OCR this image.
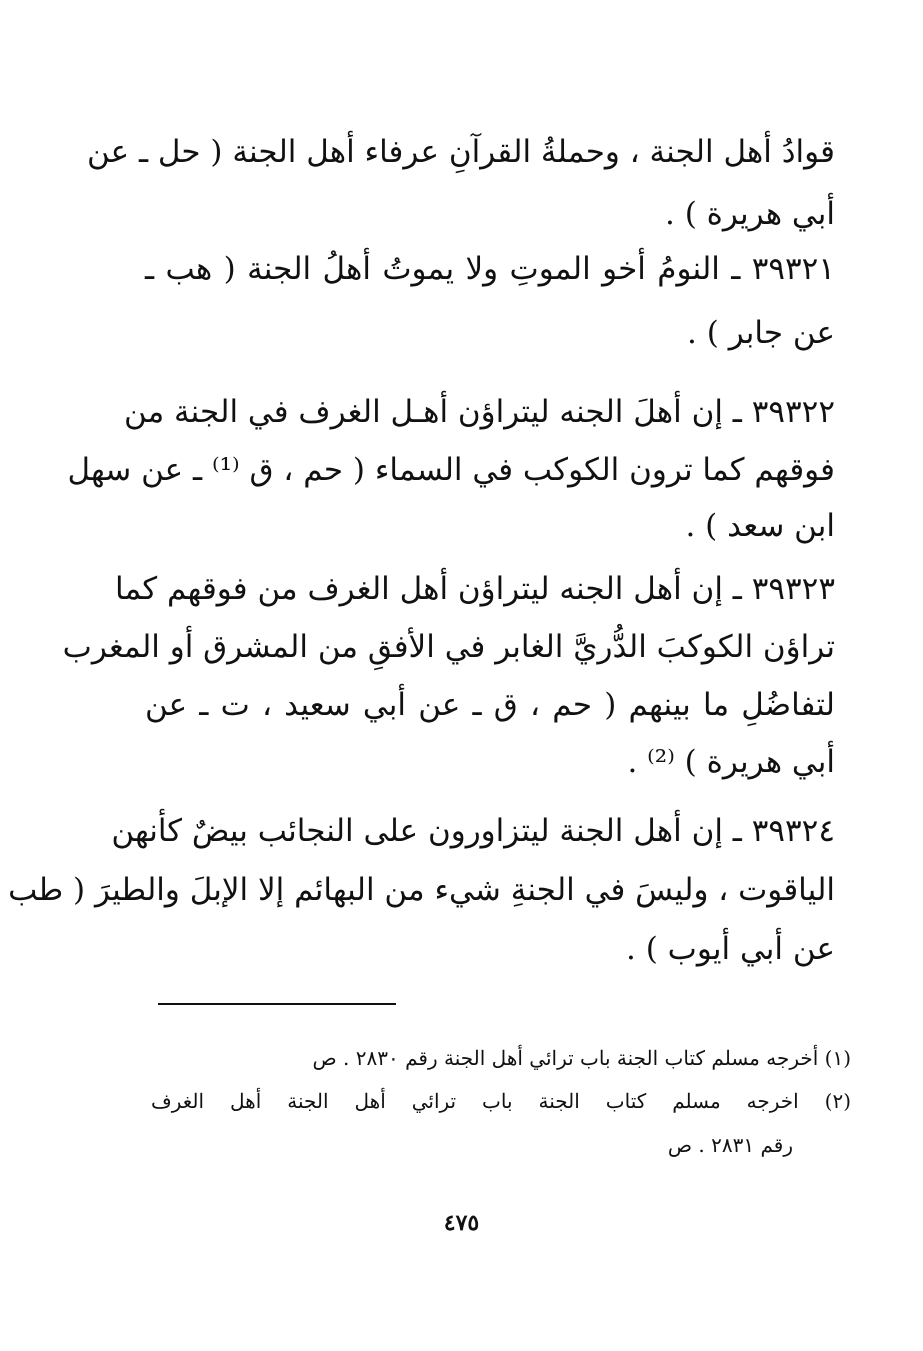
قوادُ أهل الجنة ، وحملةُ القرآنِ عرفاء أهل الجنة ( حل ـ عن
أبي هريرة ) .
٣٩٣٢١ ـ النومُ أخو الموتِ ولا يموتُ أهلُ الجنة ( هب ـ
عن جابر ) .
٣٩٣٢٢ ـ إن أهلَ الجنه ليتراؤن أهـل الغرف في الجنة من
فوقهم كما ترون الكوكب في السماء ( حم ، ق ⁽¹⁾ ـ عن سهل
ابن سعد ) .
٣٩٣٢٣ ـ إن أهل الجنه ليتراؤن أهل الغرف من فوقهم كما
تراؤن الكوكبَ الدُّريَّ الغابر في الأفقِ من المشرق أو المغرب
لتفاضُلِ ما بينهم ( حم ، ق ـ عن أبي سعيد ، ت ـ عن
أبي هريرة ) ⁽²⁾ .
٣٩٣٢٤ ـ إن أهل الجنة ليتزاورون على النجائب بيضٌ كأنهن
الياقوت ، وليسَ في الجنةِ شيء من البهائم إلا الإبلَ والطيرَ ( طب
عن أبي أيوب ) .
(١) أخرجه مسلم كتاب الجنة باب ترائي أهل الجنة رقم ٢٨٣٠ . ص
(٢) اخرجه مسلم كتاب الجنة باب ترائي أهل الجنة أهل الغرف
رقم ٢٨٣١ . ص
٤٧٥
